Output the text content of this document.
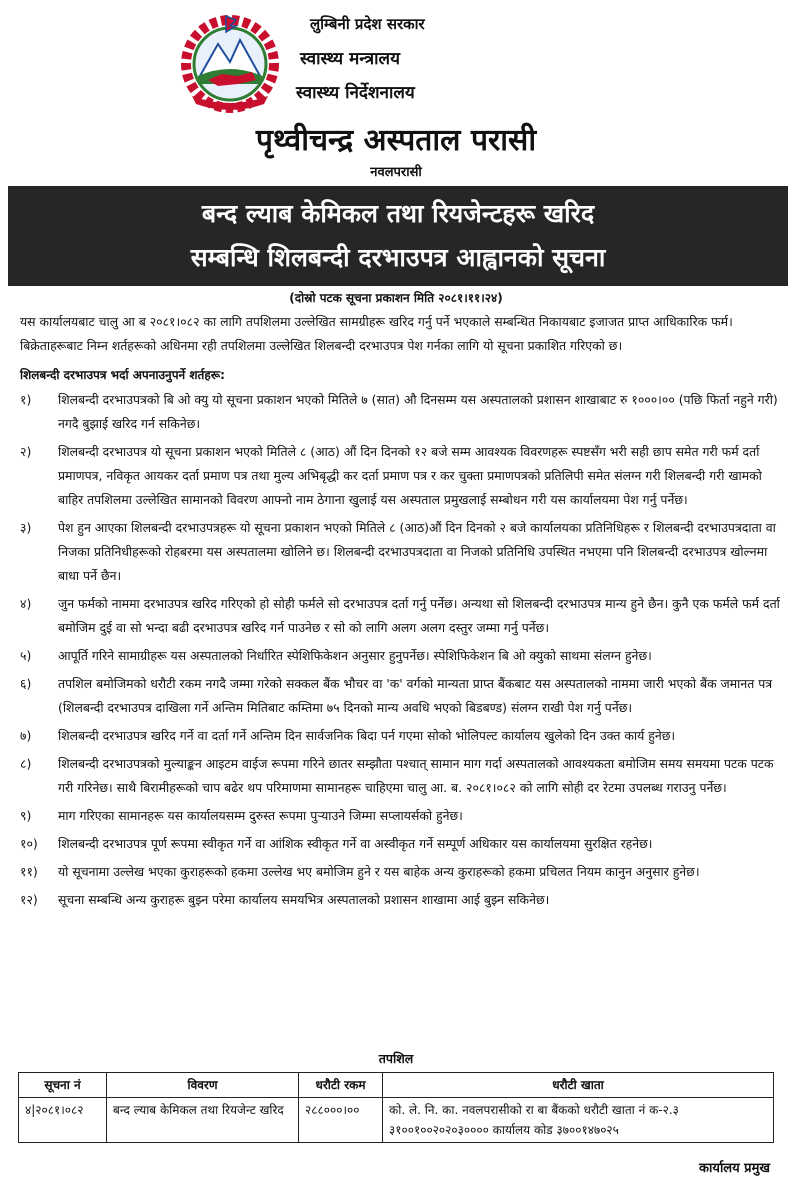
लुम्बिनी प्रदेश सरकार
स्वास्थ्य मन्त्रालय
स्वास्थ्य निर्देशनालय
पृथ्वीचन्द्र अस्पताल परासी
नवलपरासी
बन्द ल्याब केमिकल तथा रियजेन्टहरू खरिद
सम्बन्धि शिलबन्दी दरभाउपत्र आह्वानको सूचना
(दोस्रो पटक सूचना प्रकाशन मिति २०८१।११।२४)

यस कार्यालयबाट चालु आ ब २०८१।०८२ का लागि तपशिलमा उल्लेखित सामग्रीहरू खरिद गर्नु पर्ने भएकाले सम्बन्धित निकायबाट इजाजत प्राप्त आधिकारिक फर्म।बिक्रेताहरूबाट निम्न शर्तहरूको अधिनमा रही तपशिलमा उल्लेखित शिलबन्दी दरभाउपत्र पेश गर्नका लागि यो सूचना प्रकाशित गरिएको छ।

शिलबन्दी दरभाउपत्र भर्दा अपनाउनुपर्ने शर्तहरू:
१)	शिलबन्दी दरभाउपत्रको बि ओ क्यु यो सूचना प्रकाशन भएको मितिले ७ (सात) औ दिनसम्म यस अस्पतालको प्रशासन शाखाबाट रु १०००।०० (पछि फिर्ता नहुने गरी) नगदै बुझाई खरिद गर्न सकिनेछ।
२)	शिलबन्दी दरभाउपत्र यो सूचना प्रकाशन भएको मितिले ८ (आठ) औं दिन दिनको १२ बजे सम्म आवश्यक विवरणहरू स्पष्टसँग भरी सही छाप समेत गरी फर्म दर्ता प्रमाणपत्र, नविकृत आयकर दर्ता प्रमाण पत्र तथा मुल्य अभिबृद्धी कर दर्ता प्रमाण पत्र र कर चुक्ता प्रमाणपत्रको प्रतिलिपी समेत संलग्न गरी शिलबन्दी गरी खामको बाहिर तपशिलमा उल्लेखित सामानको विवरण आफ्नो नाम ठेगाना खुलाई यस अस्पताल प्रमुखलाई सम्बोधन गरी यस कार्यालयमा पेश गर्नु पर्नेछ।
३)	पेश हुन आएका शिलबन्दी दरभाउपत्रहरू यो सूचना प्रकाशन भएको मितिले ८ (आठ)औं दिन दिनको २ बजे कार्यालयका प्रतिनिधिहरू र शिलबन्दी दरभाउपत्रदाता वा निजका प्रतिनिधीहरूको रोहबरमा यस अस्पतालमा खोलिने छ। शिलबन्दी दरभाउपत्रदाता वा निजको प्रतिनिधि उपस्थित नभएमा पनि शिलबन्दी दरभाउपत्र खोल्नमा बाधा पर्ने छैन।
४)	जुन फर्मको नाममा दरभाउपत्र खरिद गरिएको हो सोही फर्मले सो दरभाउपत्र दर्ता गर्नु पर्नेछ। अन्यथा सो शिलबन्दी दरभाउपत्र मान्य हुने छैन। कुनै एक फर्मले फर्म दर्ता बमोजिम दुई वा सो भन्दा बढी दरभाउपत्र खरिद गर्न पाउनेछ र सो को लागि अलग अलग दस्तुर जम्मा गर्नु पर्नेछ।
५)	आपूर्ति गरिने सामाग्रीहरू यस अस्पतालको निर्धारित स्पेशिफिकेशन अनुसार हुनुपर्नेछ। स्पेशिफिकेशन बि ओ क्युको साथमा संलग्न हुनेछ।
६)	तपशिल बमोजिमको धरौटी रकम नगदै जम्मा गरेको सक्कल बैंक भौचर वा 'क' वर्गको मान्यता प्राप्त बैंकबाट यस अस्पतालको नाममा जारी भएको बैंक जमानत पत्र (शिलबन्दी दरभाउपत्र दाखिला गर्ने अन्तिम मितिबाट कम्तिमा ७५ दिनको मान्य अवधि भएको बिडबण्ड) संलग्न राखी पेश गर्नु पर्नेछ।
७)	शिलबन्दी दरभाउपत्र खरिद गर्ने वा दर्ता गर्ने अन्तिम दिन सार्वजनिक बिदा पर्न गएमा सोको भोलिपल्ट कार्यालय खुलेको दिन उक्त कार्य हुनेछ।
८)	शिलबन्दी दरभाउपत्रको मुल्याङ्कन आइटम वाईज रूपमा गरिने छातर सम्झौता पश्चात् सामान माग गर्दा अस्पतालको आवश्यकता बमोजिम समय समयमा पटक पटक गरी गरिनेछ। साथै बिरामीहरूको चाप बढेर थप परिमाणमा सामानहरू चाहिएमा चालु आ. ब. २०८१।०८२ को लागि सोही दर रेटमा उपलब्ध गराउनु पर्नेछ।
९)	माग गरिएका सामानहरू यस कार्यालयसम्म दुरुस्त रूपमा पुर्‍याउने जिम्मा सप्लायर्सको हुनेछ।
१०)	शिलबन्दी दरभाउपत्र पूर्ण रूपमा स्वीकृत गर्ने वा आंशिक स्वीकृत गर्ने वा अस्वीकृत गर्ने सम्पूर्ण अधिकार यस कार्यालयमा सुरक्षित रहनेछ।
११)	यो सूचनामा उल्लेख भएका कुराहरूको हकमा उल्लेख भए बमोजिम हुने र यस बाहेक अन्य कुराहरूको हकमा प्रचिलत नियम कानुन अनुसार हुनेछ।
१२)	सूचना सम्बन्धि अन्य कुराहरू बुझ्न परेमा कार्यालय समयभित्र अस्पतालको प्रशासन शाखामा आई बुझ्न सकिनेछ।
तपशिल
सूचना नं	विवरण	धरौटी रकम	धरौटी खाता
४|२०८१।०८२	बन्द ल्याब केमिकल तथा रियजेन्ट खरिद	२८८०००।००	को. ले. नि. का. नवलपरासीको रा बा बैंकको धरौटी खाता नं क-२.३ ३१००१००२०२०३०००० कार्यालय कोड ३७००१४७०२५
कार्यालय प्रमुख
